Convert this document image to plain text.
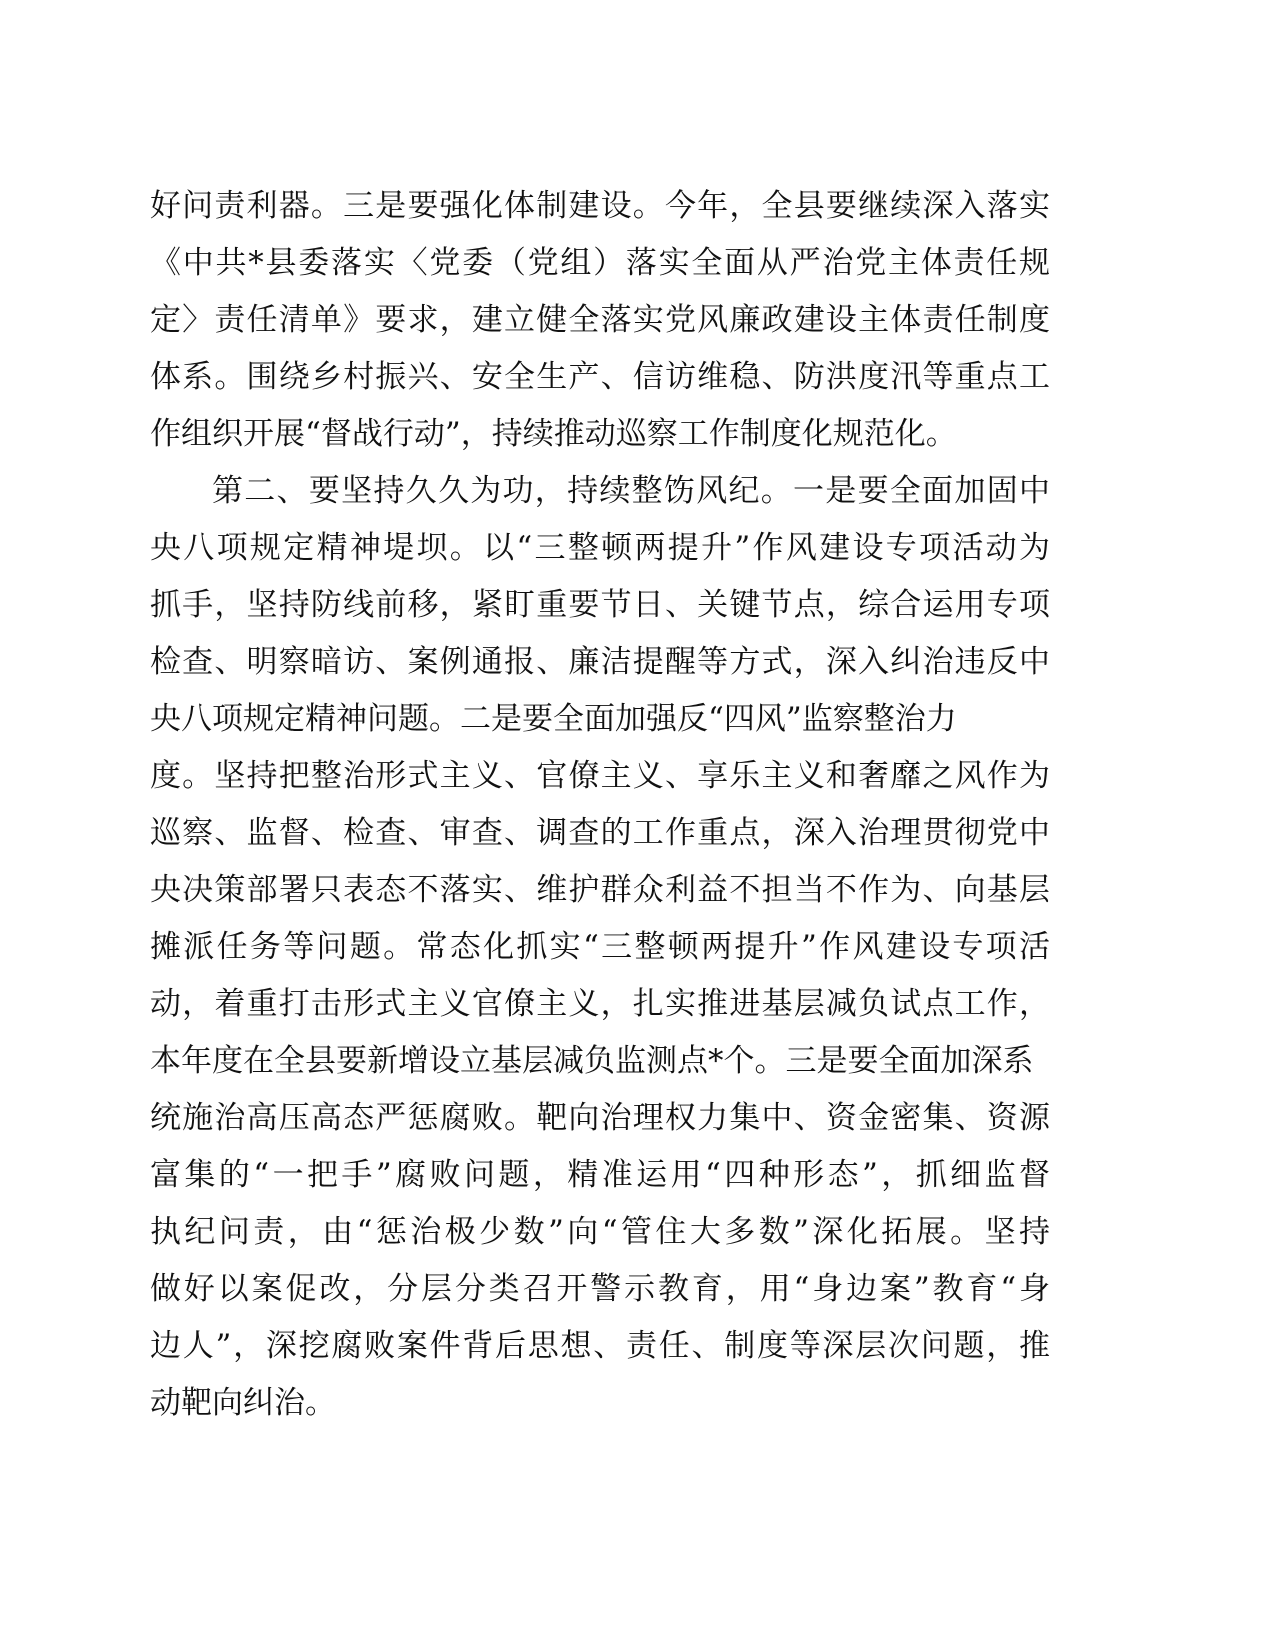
好问责利器。三是要强化体制建设。今年，全县要继续深入落实
《中共*县委落实〈党委（党组）落实全面从严治党主体责任规
定〉责任清单》要求，建立健全落实党风廉政建设主体责任制度
体系。围绕乡村振兴、安全生产、信访维稳、防洪度汛等重点工
作组织开展“督战行动”，持续推动巡察工作制度化规范化。
第二、要坚持久久为功，持续整饬风纪。一是要全面加固中
央八项规定精神堤坝。以“三整顿两提升”作风建设专项活动为
抓手，坚持防线前移，紧盯重要节日、关键节点，综合运用专项
检查、明察暗访、案例通报、廉洁提醒等方式，深入纠治违反中
央八项规定精神问题。二是要全面加强反“四风”监察整治力
度。坚持把整治形式主义、官僚主义、享乐主义和奢靡之风作为
巡察、监督、检查、审查、调查的工作重点，深入治理贯彻党中
央决策部署只表态不落实、维护群众利益不担当不作为、向基层
摊派任务等问题。常态化抓实“三整顿两提升”作风建设专项活
动，着重打击形式主义官僚主义，扎实推进基层减负试点工作，
本年度在全县要新增设立基层减负监测点*个。三是要全面加深系
统施治高压高态严惩腐败。靶向治理权力集中、资金密集、资源
富集的“一把手”腐败问题，精准运用“四种形态”，抓细监督
执纪问责，由“惩治极少数”向“管住大多数”深化拓展。坚持
做好以案促改，分层分类召开警示教育，用“身边案”教育“身
边人”，深挖腐败案件背后思想、责任、制度等深层次问题，推
动靶向纠治。
